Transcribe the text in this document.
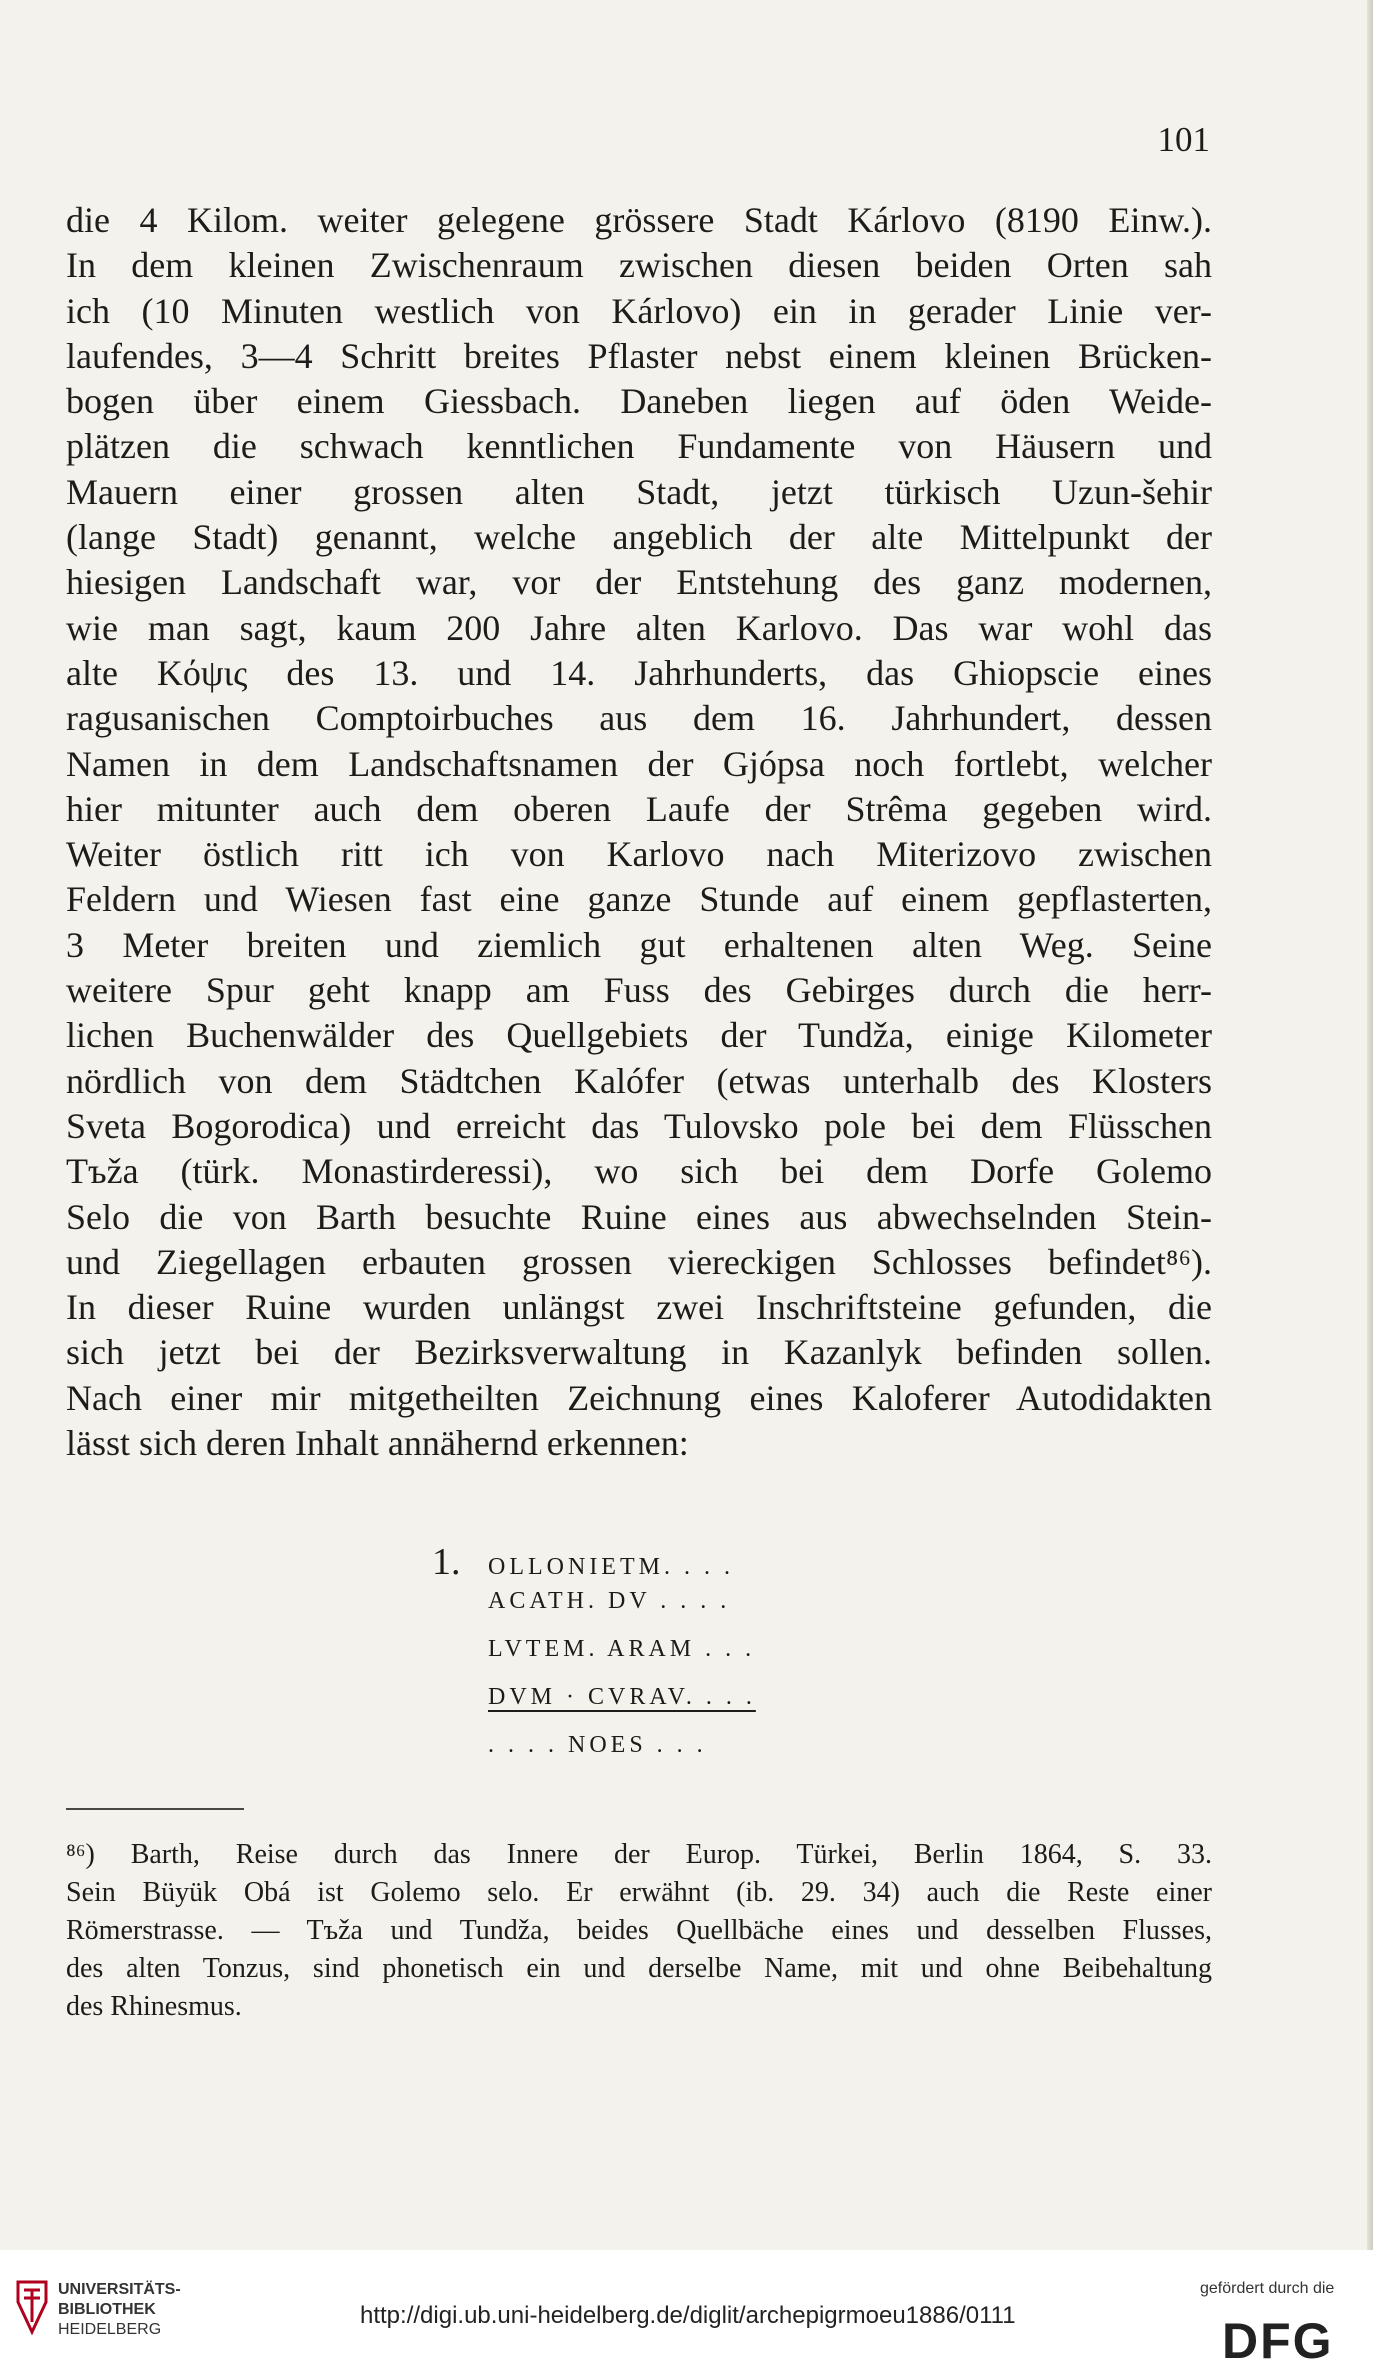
101
die 4 Kilom. weiter gelegene grössere Stadt Kárlovo (8190 Einw.).
In dem kleinen Zwischenraum zwischen diesen beiden Orten sah
ich (10 Minuten westlich von Kárlovo) ein in gerader Linie ver-
laufendes, 3—4 Schritt breites Pflaster nebst einem kleinen Brücken-
bogen über einem Giessbach. Daneben liegen auf öden Weide-
plätzen die schwach kenntlichen Fundamente von Häusern und
Mauern einer grossen alten Stadt, jetzt türkisch Uzun-šehir
(lange Stadt) genannt, welche angeblich der alte Mittelpunkt der
hiesigen Landschaft war, vor der Entstehung des ganz modernen,
wie man sagt, kaum 200 Jahre alten Karlovo. Das war wohl das
alte Κόψις des 13. und 14. Jahrhunderts, das Ghiopscie eines
ragusanischen Comptoirbuches aus dem 16. Jahrhundert, dessen
Namen in dem Landschaftsnamen der Gjópsa noch fortlebt, welcher
hier mitunter auch dem oberen Laufe der Strêma gegeben wird.
Weiter östlich ritt ich von Karlovo nach Miterizovo zwischen
Feldern und Wiesen fast eine ganze Stunde auf einem gepflasterten,
3 Meter breiten und ziemlich gut erhaltenen alten Weg. Seine
weitere Spur geht knapp am Fuss des Gebirges durch die herr-
lichen Buchenwälder des Quellgebiets der Tundža, einige Kilometer
nördlich von dem Städtchen Kalófer (etwas unterhalb des Klosters
Sveta Bogorodica) und erreicht das Tulovsko pole bei dem Flüsschen
Tъža (türk. Monastirderessi), wo sich bei dem Dorfe Golemo
Selo die von Barth besuchte Ruine eines aus abwechselnden Stein-
und Ziegellagen erbauten grossen viereckigen Schlosses befindet⁸⁶).
In dieser Ruine wurden unlängst zwei Inschriftsteine gefunden, die
sich jetzt bei der Bezirksverwaltung in Kazanlyk befinden sollen.
Nach einer mir mitgetheilten Zeichnung eines Kaloferer Autodidakten
lässt sich deren Inhalt annähernd erkennen:
1.	OLLONIETM. . . .
ACATH. DV . . . .
LVTEM. ARAM . . .
DVM · CVRAV. . . .
. . . . NOES . . .
⁸⁶) Barth, Reise durch das Innere der Europ. Türkei, Berlin 1864, S. 33.
Sein Büyük Obá ist Golemo selo. Er erwähnt (ib. 29. 34) auch die Reste einer
Römerstrasse. — Tъža und Tundža, beides Quellbäche eines und desselben Flusses,
des alten Tonzus, sind phonetisch ein und derselbe Name, mit und ohne Beibehaltung
des Rhinesmus.
UNIVERSITÄTS-
BIBLIOTHEK
HEIDELBERG
http://digi.ub.uni-heidelberg.de/diglit/archepigrmoeu1886/0111
gefördert durch die
DFG
